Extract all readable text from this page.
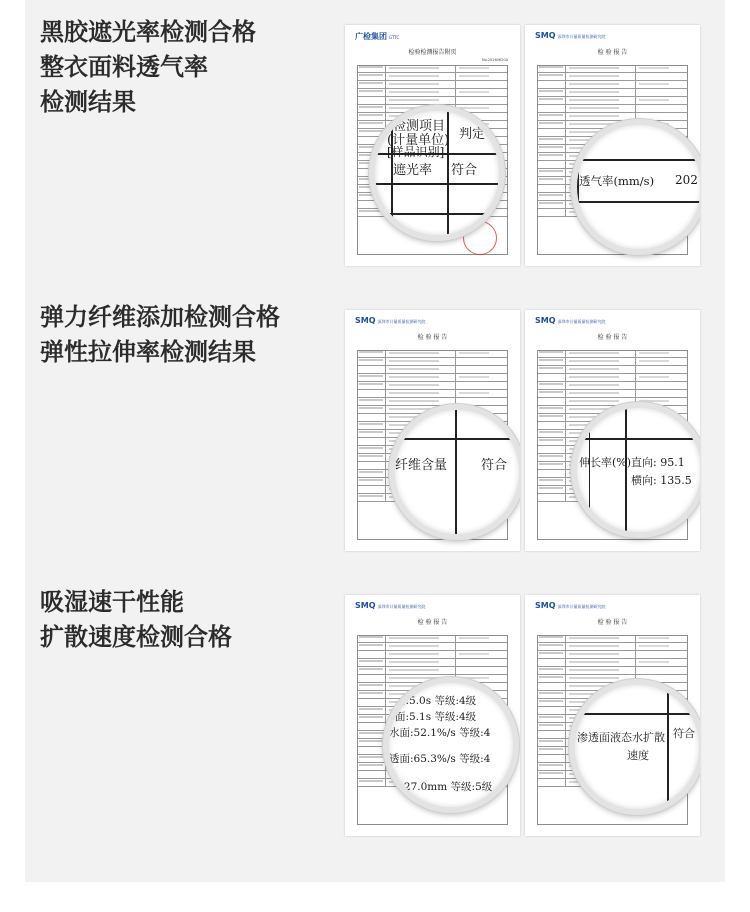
黑胶遮光率检测合格
整衣面料透气率
检测结果
广检集团 GTTC
检验检测报告附页
No.20160620A
检测项目
(计量单位)
[样品识别]
判定
遮光率 符合
SMQ 深圳市计量质量检测研究院
检 验 报 告
透气率(mm/s) 202
弹力纤维添加检测合格
弹性拉伸率检测结果
SMQ 深圳市计量质量检测研究院
检 验 报 告
纤维含量	符合
SMQ 深圳市计量质量检测研究院
检 验 报 告
伸长率(%) 直向: 95.1
横向: 135.5
吸湿速干性能
扩散速度检测合格
SMQ 深圳市计量质量检测研究院
检 验 报 告
面:5.0s 等级:4级
面:5.1s 等级:4级
水面:52.1%/s 等级:4
透面:65.3%/s 等级:4
l:27.0mm 等级:5级
SMQ 深圳市计量质量检测研究院
检 验 报 告
渗透面液态水扩散
速度
符合
